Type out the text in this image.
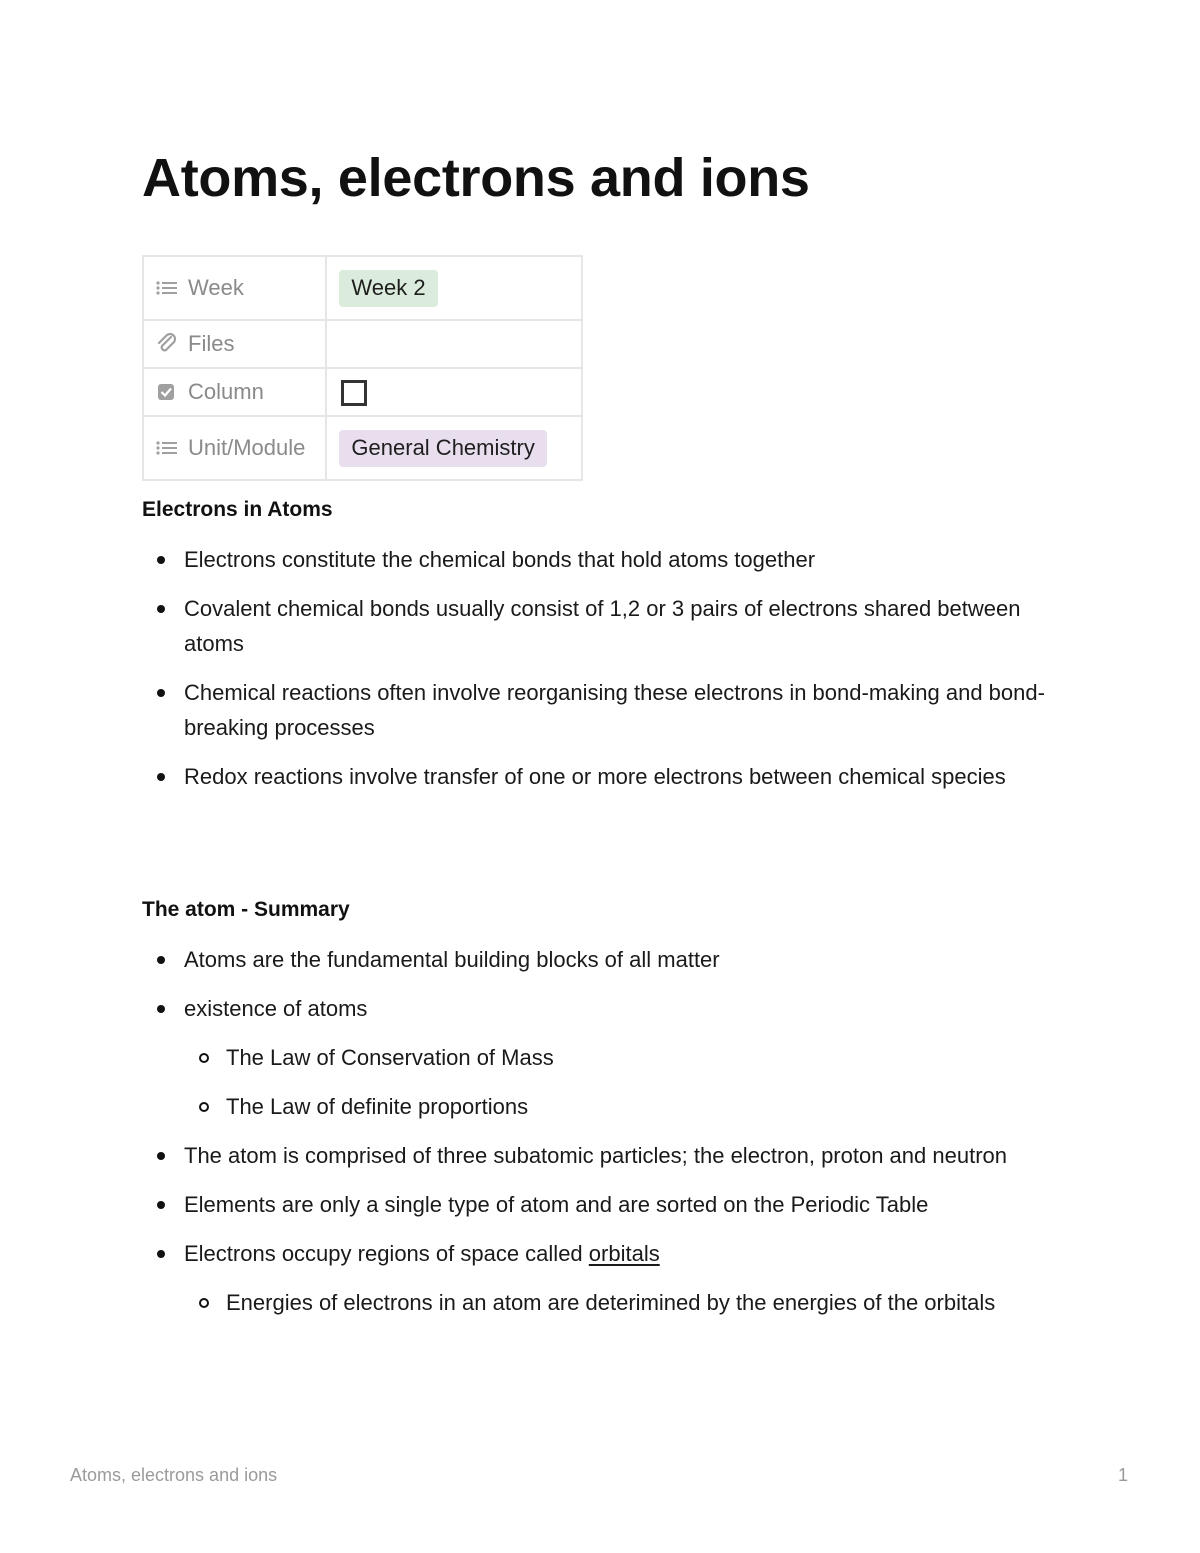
Atoms, electrons and ions
Week	Week 2

Files	

Column	

Unit/Module	General Chemistry
Electrons in Atoms
Electrons constitute the chemical bonds that hold atoms together
Covalent chemical bonds usually consist of 1,2 or 3 pairs of electrons shared between atoms
Chemical reactions often involve reorganising these electrons in bond-making and bond-breaking processes
Redox reactions involve transfer of one or more electrons between chemical species
The atom - Summary
Atoms are the fundamental building blocks of all matter
existence of atoms
The Law of Conservation of Mass
The Law of definite proportions
The atom is comprised of three subatomic particles; the electron, proton and neutron
Elements are only a single type of atom and are sorted on the Periodic Table
Electrons occupy regions of space called orbitals
Energies of electrons in an atom are deterimined by the energies of the orbitals
Atoms, electrons and ions	1
